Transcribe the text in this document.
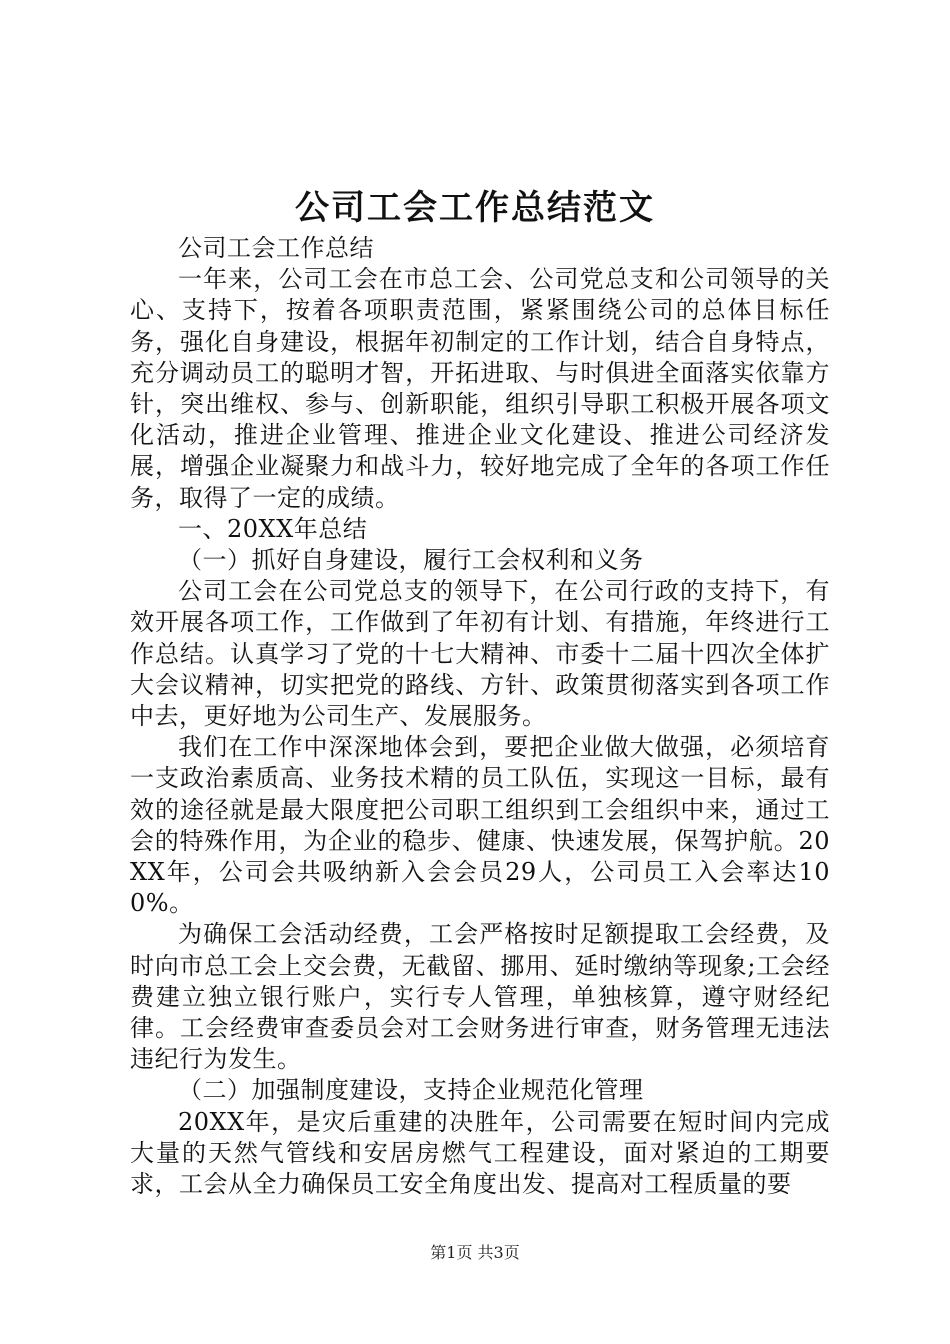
公司工会工作总结范文

公司工会工作总结

一年来，公司工会在市总工会、公司党总支和公司领导的关心、支持下，按着各项职责范围，紧紧围绕公司的总体目标任务，强化自身建设，根据年初制定的工作计划，结合自身特点，充分调动员工的聪明才智，开拓进取、与时俱进全面落实依靠方针，突出维权、参与、创新职能，组织引导职工积极开展各项文化活动，推进企业管理、推进企业文化建设、推进公司经济发展，增强企业凝聚力和战斗力，较好地完成了全年的各项工作任务，取得了一定的成绩。

一、20XX年总结

（一）抓好自身建设，履行工会权利和义务

公司工会在公司党总支的领导下，在公司行政的支持下，有效开展各项工作，工作做到了年初有计划、有措施，年终进行工作总结。认真学习了党的十七大精神、市委十二届十四次全体扩大会议精神，切实把党的路线、方针、政策贯彻落实到各项工作中去，更好地为公司生产、发展服务。

我们在工作中深深地体会到，要把企业做大做强，必须培育一支政治素质高、业务技术精的员工队伍，实现这一目标，最有效的途径就是最大限度把公司职工组织到工会组织中来，通过工会的特殊作用，为企业的稳步、健康、快速发展，保驾护航。20XX年，公司会共吸纳新入会会员29人，公司员工入会率达100%。

为确保工会活动经费，工会严格按时足额提取工会经费，及时向市总工会上交会费，无截留、挪用、延时缴纳等现象;工会经费建立独立银行账户，实行专人管理，单独核算，遵守财经纪律。工会经费审查委员会对工会财务进行审查，财务管理无违法违纪行为发生。

（二）加强制度建设，支持企业规范化管理

20XX年，是灾后重建的决胜年，公司需要在短时间内完成大量的天然气管线和安居房燃气工程建设，面对紧迫的工期要求，工会从全力确保员工安全角度出发、提高对工程质量的要

第1页 共3页
